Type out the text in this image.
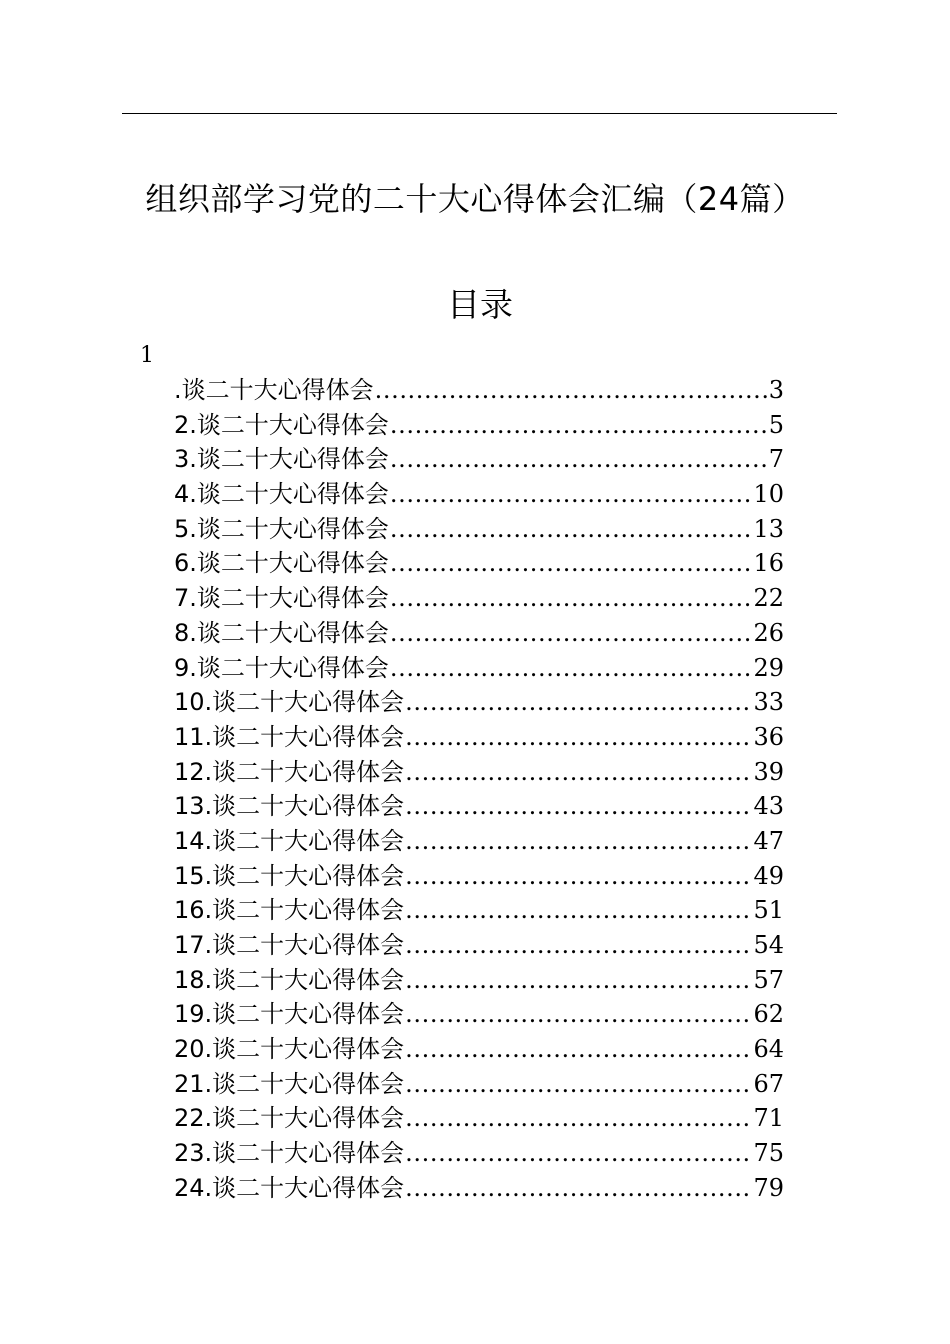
组织部学习党的二十大心得体会汇编（24篇）
目录
1
.谈二十大心得体会 .....	3
2.谈二十大心得体会 .....	5
3.谈二十大心得体会 .....	7
4.谈二十大心得体会 .....	10
5.谈二十大心得体会 .....	13
6.谈二十大心得体会 .....	16
7.谈二十大心得体会 .....	22
8.谈二十大心得体会 .....	26
9.谈二十大心得体会 .....	29
10.谈二十大心得体会 .....	33
11.谈二十大心得体会 .....	36
12.谈二十大心得体会 .....	39
13.谈二十大心得体会 .....	43
14.谈二十大心得体会 .....	47
15.谈二十大心得体会 .....	49
16.谈二十大心得体会 .....	51
17.谈二十大心得体会 .....	54
18.谈二十大心得体会 .....	57
19.谈二十大心得体会 .....	62
20.谈二十大心得体会 .....	64
21.谈二十大心得体会 .....	67
22.谈二十大心得体会 .....	71
23.谈二十大心得体会 .....	75
24.谈二十大心得体会 .....	79
